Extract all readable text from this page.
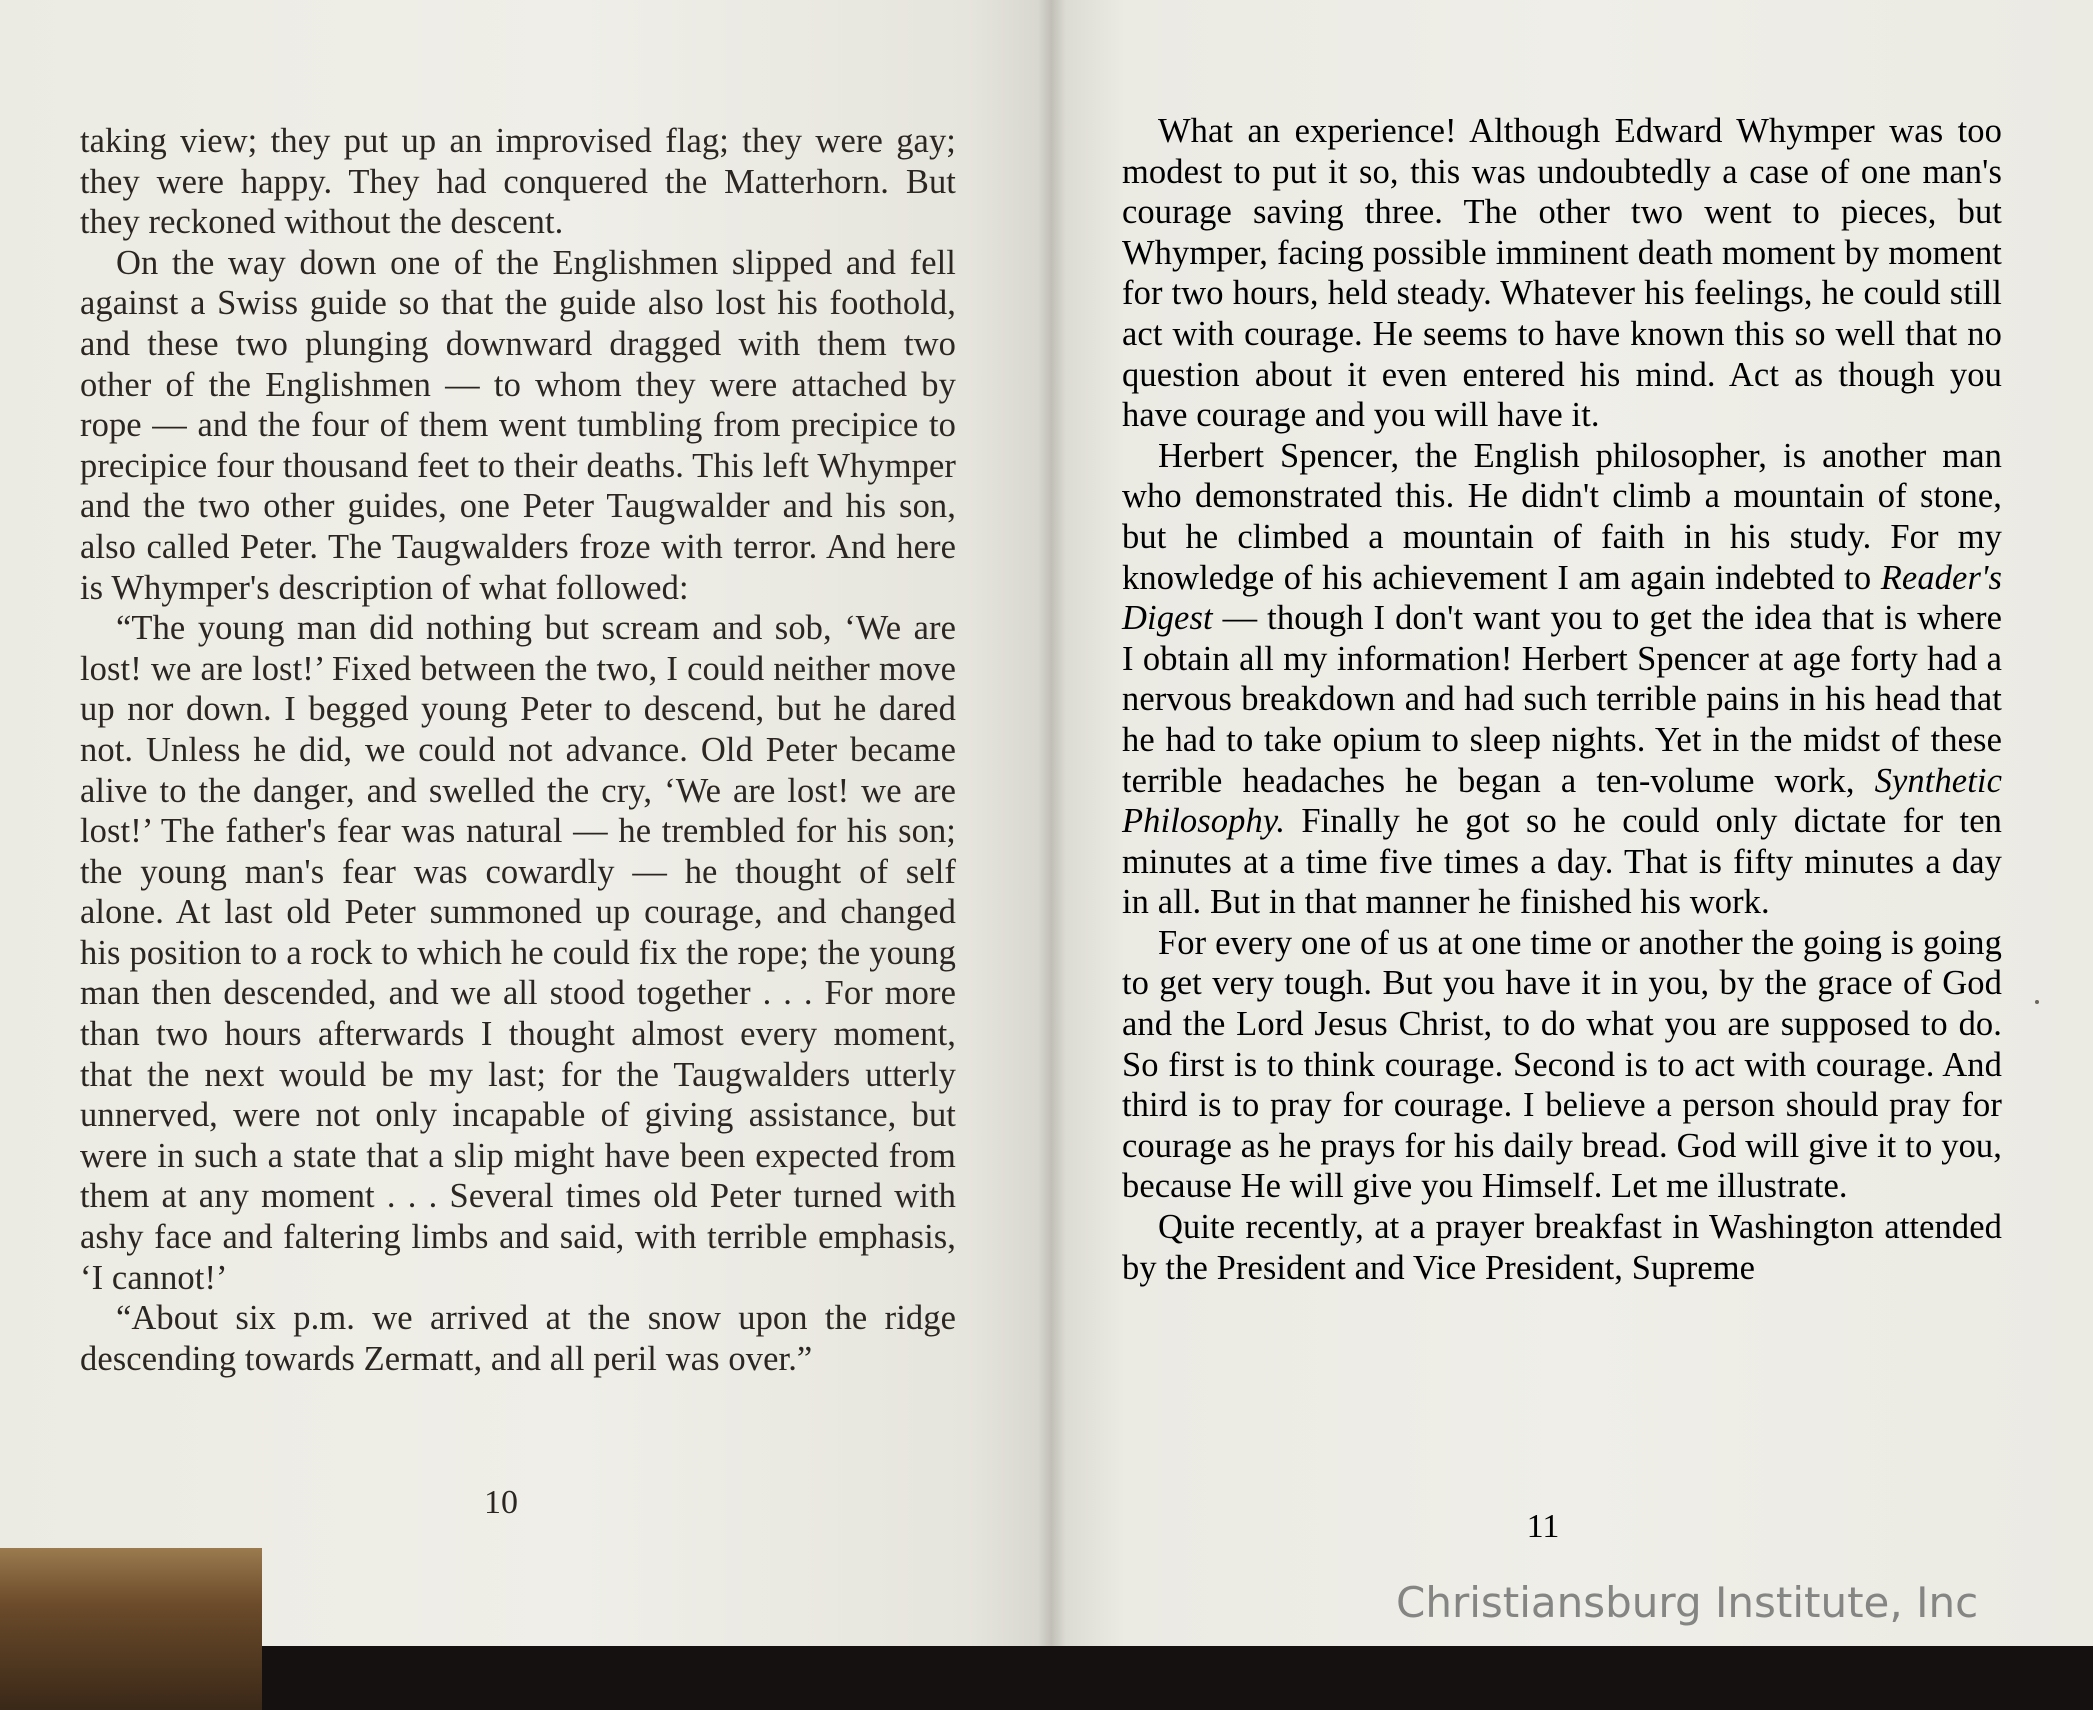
taking view; they put up an improvised flag; they were gay; they were happy. They had conquered the Matterhorn. But they reckoned without the descent.

On the way down one of the Englishmen slipped and fell against a Swiss guide so that the guide also lost his foothold, and these two plunging downward dragged with them two other of the Englishmen — to whom they were attached by rope — and the four of them went tumbling from precipice to precipice four thousand feet to their deaths. This left Whymper and the two other guides, one Peter Taugwalder and his son, also called Peter. The Taugwalders froze with terror. And here is Whymper's description of what followed:

“The young man did nothing but scream and sob, ‘We are lost! we are lost!’ Fixed between the two, I could neither move up nor down. I begged young Peter to descend, but he dared not. Unless he did, we could not advance. Old Peter became alive to the danger, and swelled the cry, ‘We are lost! we are lost!’ The father's fear was natural — he trembled for his son; the young man's fear was cowardly — he thought of self alone. At last old Peter summoned up courage, and changed his position to a rock to which he could fix the rope; the young man then descended, and we all stood together . . . For more than two hours afterwards I thought almost every moment, that the next would be my last; for the Taugwalders utterly unnerved, were not only incapable of giving assistance, but were in such a state that a slip might have been expected from them at any moment . . . Several times old Peter turned with ashy face and faltering limbs and said, with terrible emphasis, ‘I cannot!’

“About six p.m. we arrived at the snow upon the ridge descending towards Zermatt, and all peril was over.”

10

What an experience! Although Edward Whymper was too modest to put it so, this was undoubtedly a case of one man's courage saving three. The other two went to pieces, but Whymper, facing possible imminent death moment by moment for two hours, held steady. Whatever his feelings, he could still act with courage. He seems to have known this so well that no question about it even entered his mind. Act as though you have courage and you will have it.

Herbert Spencer, the English philosopher, is another man who demonstrated this. He didn't climb a mountain of stone, but he climbed a mountain of faith in his study. For my knowledge of his achievement I am again indebted to Reader's Digest — though I don't want you to get the idea that is where I obtain all my information! Herbert Spencer at age forty had a nervous breakdown and had such terrible pains in his head that he had to take opium to sleep nights. Yet in the midst of these terrible headaches he began a ten-volume work, Synthetic Philosophy. Finally he got so he could only dictate for ten minutes at a time five times a day. That is fifty minutes a day in all. But in that manner he finished his work.

For every one of us at one time or another the going is going to get very tough. But you have it in you, by the grace of God and the Lord Jesus Christ, to do what you are supposed to do. So first is to think courage. Second is to act with courage. And third is to pray for courage. I believe a person should pray for courage as he prays for his daily bread. God will give it to you, because He will give you Himself. Let me illustrate.

Quite recently, at a prayer breakfast in Washington attended by the President and Vice President, Supreme

11
Christiansburg Institute, Inc
